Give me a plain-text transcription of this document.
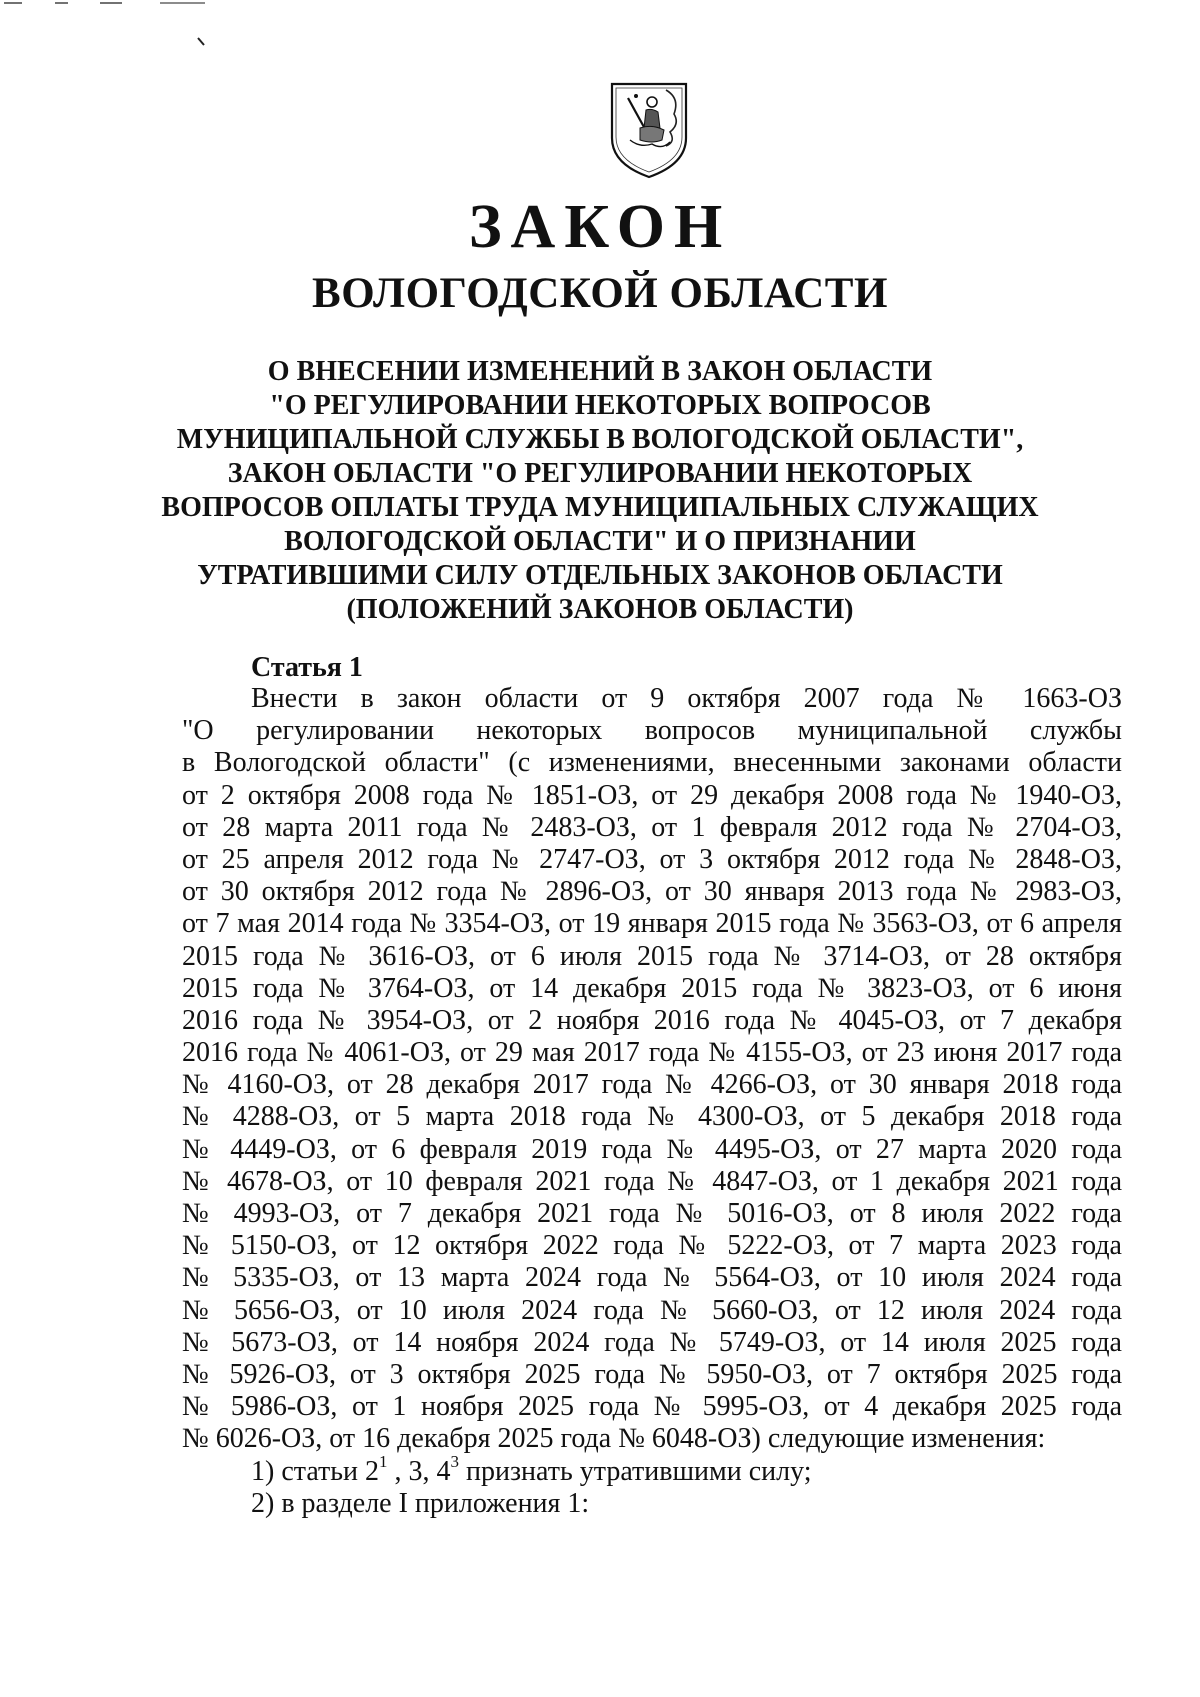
ЗАКОН
ВОЛОГОДСКОЙ ОБЛАСТИ
О ВНЕСЕНИИ ИЗМЕНЕНИЙ В ЗАКОН ОБЛАСТИ
"О РЕГУЛИРОВАНИИ НЕКОТОРЫХ ВОПРОСОВ
МУНИЦИПАЛЬНОЙ СЛУЖБЫ В ВОЛОГОДСКОЙ ОБЛАСТИ",
ЗАКОН ОБЛАСТИ "О РЕГУЛИРОВАНИИ НЕКОТОРЫХ
ВОПРОСОВ ОПЛАТЫ ТРУДА МУНИЦИПАЛЬНЫХ СЛУЖАЩИХ
ВОЛОГОДСКОЙ ОБЛАСТИ" И О ПРИЗНАНИИ
УТРАТИВШИМИ СИЛУ ОТДЕЛЬНЫХ ЗАКОНОВ ОБЛАСТИ
(ПОЛОЖЕНИЙ ЗАКОНОВ ОБЛАСТИ)
Статья 1
Внести в закон области от 9 октября 2007 года № 1663-ОЗ
"О регулировании некоторых вопросов муниципальной службы
в Вологодской области" (с изменениями, внесенными законами области
от 2 октября 2008 года № 1851-ОЗ, от 29 декабря 2008 года № 1940-ОЗ,
от 28 марта 2011 года № 2483-ОЗ, от 1 февраля 2012 года № 2704-ОЗ,
от 25 апреля 2012 года № 2747-ОЗ, от 3 октября 2012 года № 2848-ОЗ,
от 30 октября 2012 года № 2896-ОЗ, от 30 января 2013 года № 2983-ОЗ,
от 7 мая 2014 года № 3354-ОЗ, от 19 января 2015 года № 3563-ОЗ, от 6 апреля
2015 года № 3616-ОЗ, от 6 июля 2015 года № 3714-ОЗ, от 28 октября
2015 года № 3764-ОЗ, от 14 декабря 2015 года № 3823-ОЗ, от 6 июня
2016 года № 3954-ОЗ, от 2 ноября 2016 года № 4045-ОЗ, от 7 декабря
2016 года № 4061-ОЗ, от 29 мая 2017 года № 4155-ОЗ, от 23 июня 2017 года
№ 4160-ОЗ, от 28 декабря 2017 года № 4266-ОЗ, от 30 января 2018 года
№ 4288-ОЗ, от 5 марта 2018 года № 4300-ОЗ, от 5 декабря 2018 года
№ 4449-ОЗ, от 6 февраля 2019 года № 4495-ОЗ, от 27 марта 2020 года
№ 4678-ОЗ, от 10 февраля 2021 года № 4847-ОЗ, от 1 декабря 2021 года
№ 4993-ОЗ, от 7 декабря 2021 года № 5016-ОЗ, от 8 июля 2022 года
№ 5150-ОЗ, от 12 октября 2022 года № 5222-ОЗ, от 7 марта 2023 года
№ 5335-ОЗ, от 13 марта 2024 года № 5564-ОЗ, от 10 июля 2024 года
№ 5656-ОЗ, от 10 июля 2024 года № 5660-ОЗ, от 12 июля 2024 года
№ 5673-ОЗ, от 14 ноября 2024 года № 5749-ОЗ, от 14 июля 2025 года
№ 5926-ОЗ, от 3 октября 2025 года № 5950-ОЗ, от 7 октября 2025 года
№ 5986-ОЗ, от 1 ноября 2025 года № 5995-ОЗ, от 4 декабря 2025 года
№ 6026-ОЗ, от 16 декабря 2025 года № 6048-ОЗ) следующие изменения:
1) статьи $2^1$ , 3, $4^3$ признать утратившими силу;
2) в разделе I приложения 1:
